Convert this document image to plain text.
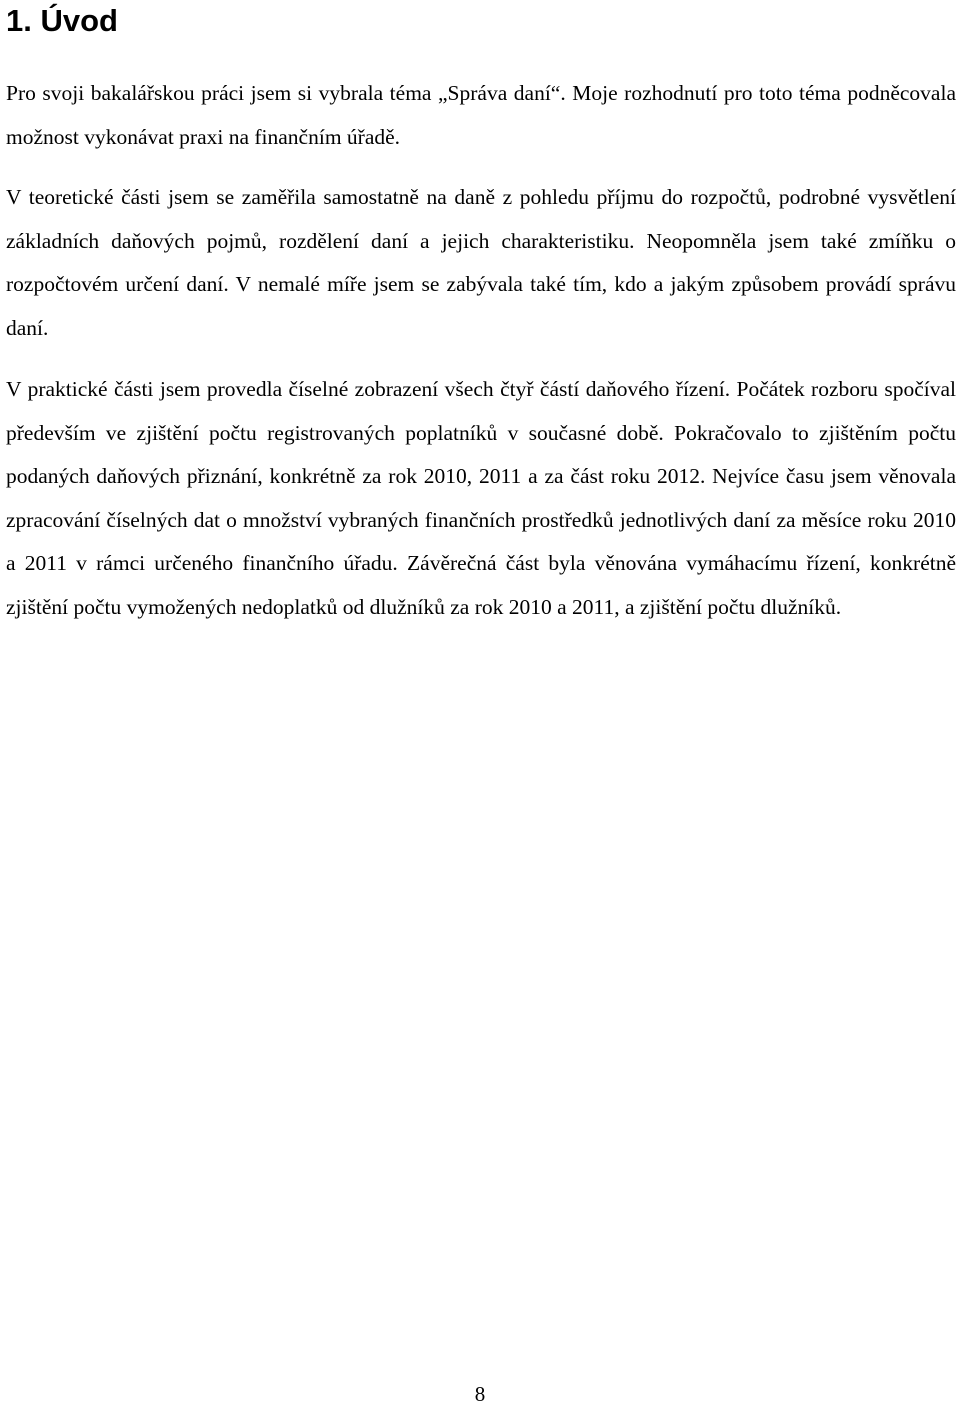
1. Úvod

Pro svoji bakalářskou práci jsem si vybrala téma „Správa daní“. Moje rozhodnutí pro toto téma podněcovala možnost vykonávat praxi na finančním úřadě.

V teoretické části jsem se zaměřila samostatně na daně z pohledu příjmu do rozpočtů, podrobné vysvětlení základních daňových pojmů, rozdělení daní a jejich charakteristiku. Neopomněla jsem také zmíňku o rozpočtovém určení daní. V nemalé míře jsem se zabývala také tím, kdo a jakým způsobem provádí správu daní.

V praktické části jsem provedla číselné zobrazení všech čtyř částí daňového řízení. Počátek rozboru spočíval především ve zjištění počtu registrovaných poplatníků v současné době. Pokračovalo to zjištěním počtu podaných daňových přiznání, konkrétně za rok 2010, 2011 a za část roku 2012. Nejvíce času jsem věnovala zpracování číselných dat o množství vybraných finančních prostředků jednotlivých daní za měsíce roku 2010 a 2011 v rámci určeného finančního úřadu. Závěrečná část byla věnována vymáhacímu řízení, konkrétně zjištění počtu vymožených nedoplatků od dlužníků za rok 2010 a 2011, a zjištění počtu dlužníků.

8
